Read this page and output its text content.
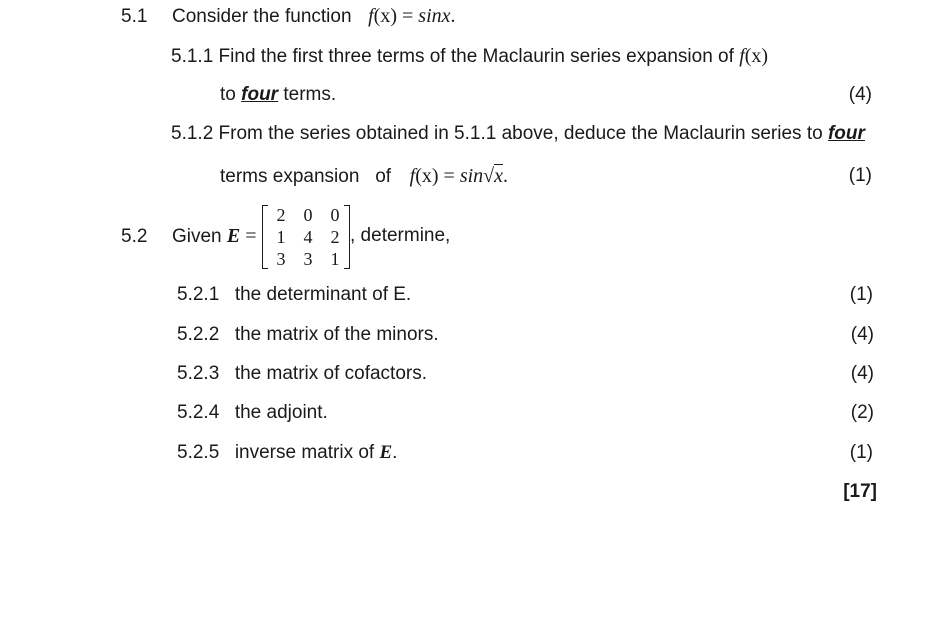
5.1 Consider the function f(x) = sinx.
5.1.1 Find the first three terms of the Maclaurin series expansion of f(x)
to four terms.	(4)
5.1.2 From the series obtained in 5.1.1 above, deduce the Maclaurin series to four
terms expansion   of f(x) = sin√x.	(1)
5.2 Given E =
2	0	0
1	4	2
3	3	1
, determine,
5.2.1 the determinant of E.	(1)
5.2.2 the matrix of the minors.	(4)
5.2.3 the matrix of cofactors.	(4)
5.2.4 the adjoint.	(2)
5.2.5 inverse matrix of E.	(1)
[17]
